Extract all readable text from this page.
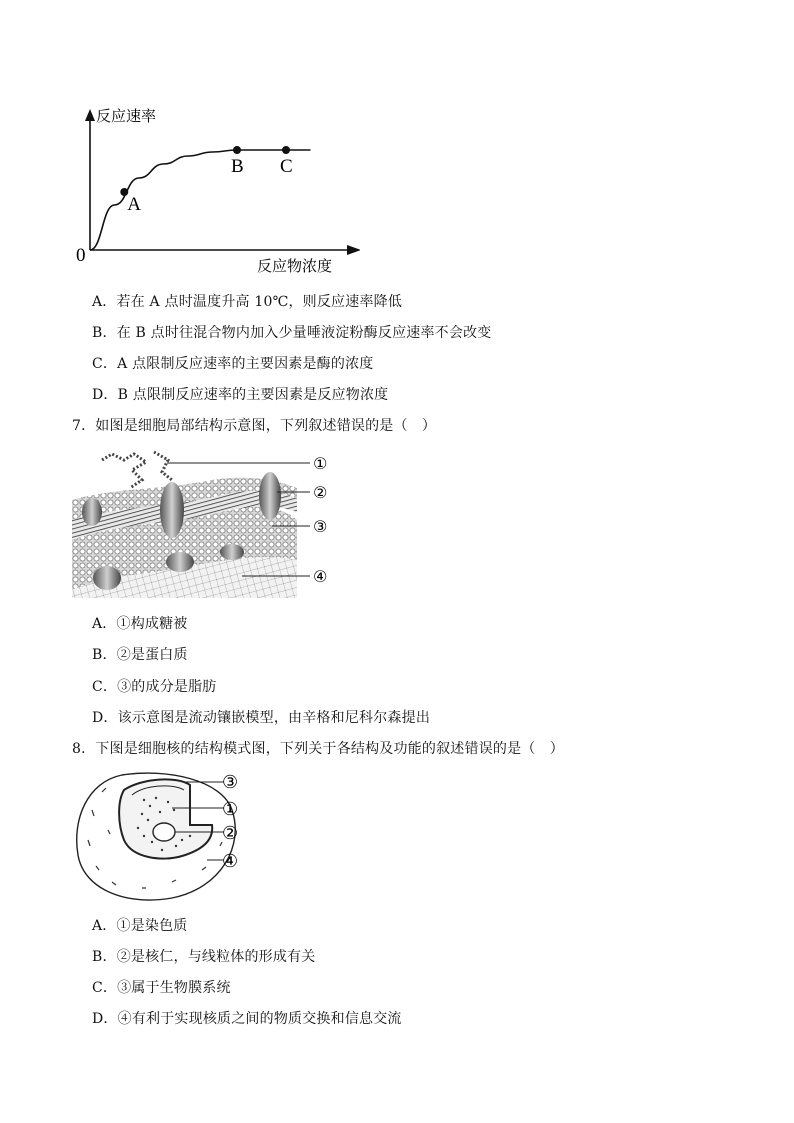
A
B C
反应速率
反应物浓度
0
A．若在 A 点时温度升高 10℃，则反应速率降低
B．在 B 点时往混合物内加入少量唾液淀粉酶反应速率不会改变
C．A 点限制反应速率的主要因素是酶的浓度
D．B 点限制反应速率的主要因素是反应物浓度
7．如图是细胞局部结构示意图，下列叙述错误的是（　）
①
②
③
④
A．①构成糖被
B．②是蛋白质
C．③的成分是脂肪
D．该示意图是流动镶嵌模型，由辛格和尼科尔森提出
8．下图是细胞核的结构模式图，下列关于各结构及功能的叙述错误的是（　）
③
①
②
④
A．①是染色质
B．②是核仁，与线粒体的形成有关
C．③属于生物膜系统
D．④有利于实现核质之间的物质交换和信息交流
